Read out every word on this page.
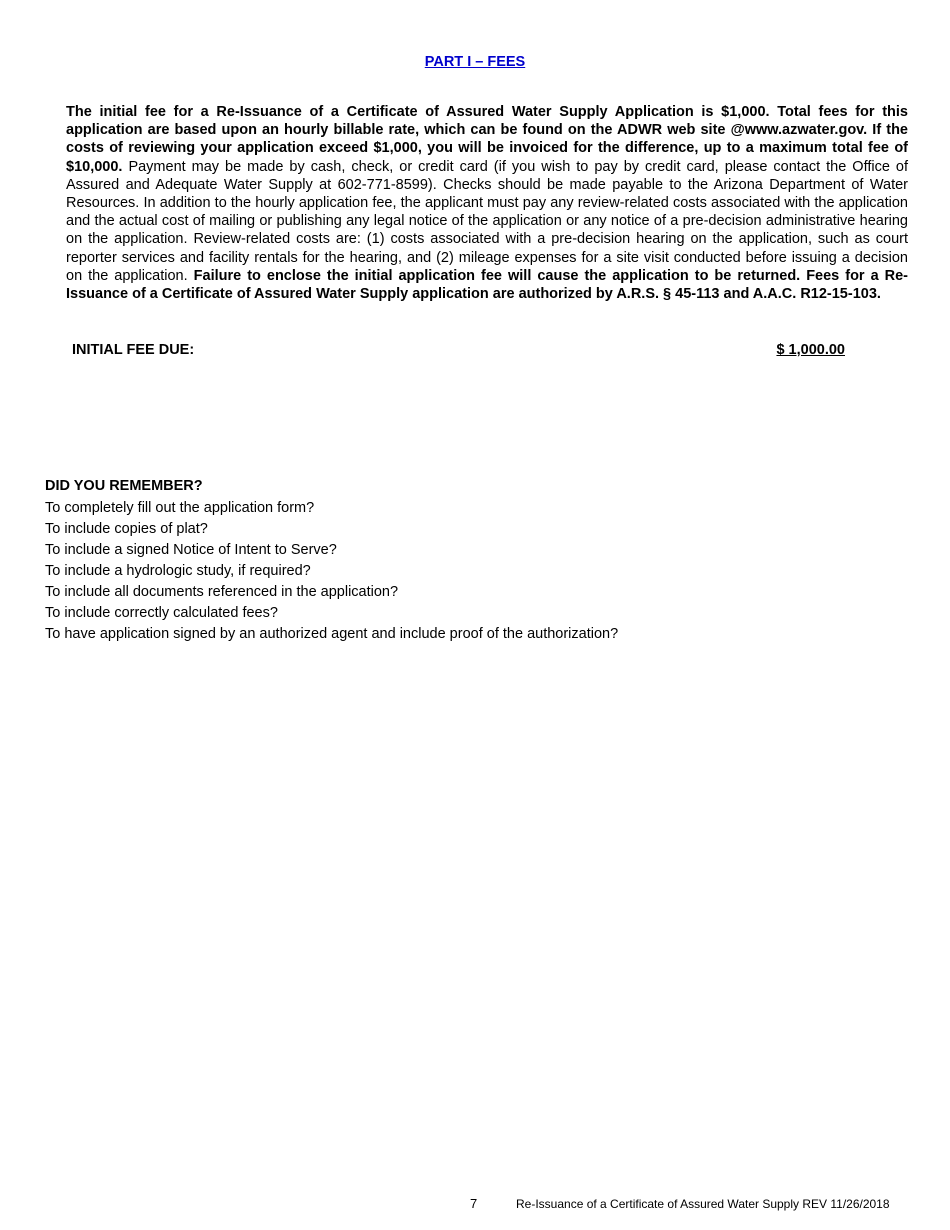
PART I – FEES

The initial fee for a Re-Issuance of a Certificate of Assured Water Supply Application is $1,000. Total fees for this application are based upon an hourly billable rate, which can be found on the ADWR web site @www.azwater.gov. If the costs of reviewing your application exceed $1,000, you will be invoiced for the difference, up to a maximum total fee of $10,000. Payment may be made by cash, check, or credit card (if you wish to pay by credit card, please contact the Office of Assured and Adequate Water Supply at 602-771-8599). Checks should be made payable to the Arizona Department of Water Resources. In addition to the hourly application fee, the applicant must pay any review-related costs associated with the application and the actual cost of mailing or publishing any legal notice of the application or any notice of a pre-decision administrative hearing on the application. Review-related costs are: (1) costs associated with a pre-decision hearing on the application, such as court reporter services and facility rentals for the hearing, and (2) mileage expenses for a site visit conducted before issuing a decision on the application. Failure to enclose the initial application fee will cause the application to be returned. Fees for a Re-Issuance of a Certificate of Assured Water Supply application are authorized by A.R.S. § 45-113 and A.A.C. R12-15-103.

INITIAL FEE DUE:	$ 1,000.00
DID YOU REMEMBER?
To completely fill out the application form?
To include copies of plat?
To include a signed Notice of Intent to Serve?
To include a hydrologic study, if required?
To include all documents referenced in the application?
To include correctly calculated fees?
To have application signed by an authorized agent and include proof of the authorization?
7	Re-Issuance of a Certificate of Assured Water Supply REV 11/26/2018
